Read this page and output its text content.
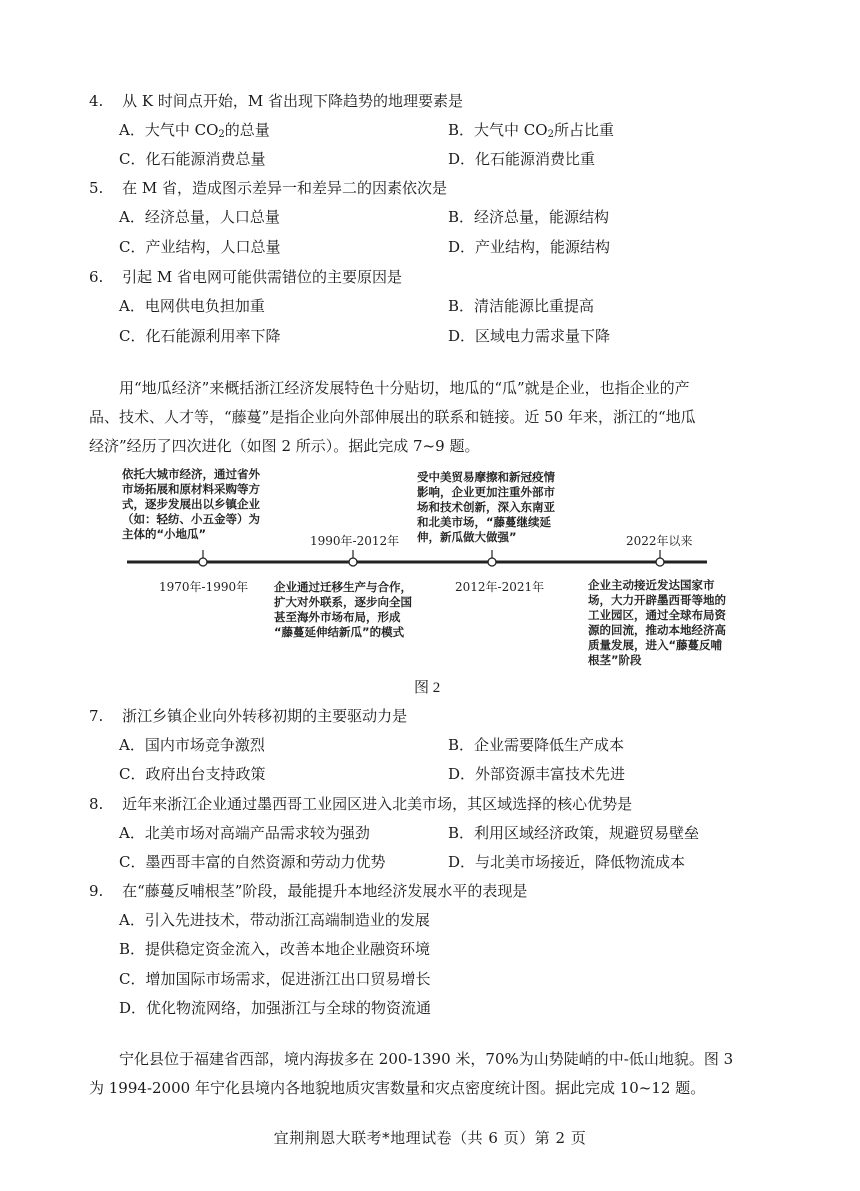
4. 从 K 时间点开始，M 省出现下降趋势的地理要素是
A．大气中 $CO_2$的总量	B．大气中 $CO_2$所占比重
C．化石能源消费总量	D．化石能源消费比重
5. 在 M 省，造成图示差异一和差异二的因素依次是
A．经济总量，人口总量	B．经济总量，能源结构
C．产业结构，人口总量	D．产业结构，能源结构
6. 引起 M 省电网可能供需错位的主要原因是
A．电网供电负担加重	B．清洁能源比重提高
C．化石能源利用率下降	D．区域电力需求量下降

用“地瓜经济”来概括浙江经济发展特色十分贴切，地瓜的“瓜”就是企业，也指企业的产

品、技术、人才等，“藤蔓”是指企业向外部伸展出的联系和链接。近 50 年来，浙江的“地瓜

经济”经历了四次进化（如图 2 所示）。据此完成 7~9 题。

依托大城市经济，通过省外
市场拓展和原材料采购等方
式，逐步发展出以乡镇企业
（如：轻纺、小五金等）为
主体的“小地瓜”
1970年-1990年
1990年-2012年
企业通过迁移生产与合作，
扩大对外联系，逐步向全国
甚至海外市场布局，形成
“藤蔓延伸结新瓜”的模式
受中美贸易摩擦和新冠疫情
影响，企业更加注重外部市
场和技术创新，深入东南亚
和北美市场，“藤蔓继续延
伸，新瓜做大做强”
2012年-2021年
2022年以来
企业主动接近发达国家市
场，大力开辟墨西哥等地的
工业园区，通过全球布局资
源的回流，推动本地经济高
质量发展，进入“藤蔓反哺
根茎”阶段
图 2
7. 浙江乡镇企业向外转移初期的主要驱动力是
A．国内市场竞争激烈	B．企业需要降低生产成本
C．政府出台支持政策	D．外部资源丰富技术先进
8. 近年来浙江企业通过墨西哥工业园区进入北美市场，其区域选择的核心优势是
A．北美市场对高端产品需求较为强劲	B．利用区域经济政策，规避贸易壁垒
C．墨西哥丰富的自然资源和劳动力优势	D．与北美市场接近，降低物流成本
9. 在“藤蔓反哺根茎”阶段，最能提升本地经济发展水平的表现是
A．引入先进技术，带动浙江高端制造业的发展
B．提供稳定资金流入，改善本地企业融资环境
C．增加国际市场需求，促进浙江出口贸易增长
D．优化物流网络，加强浙江与全球的物资流通

宁化县位于福建省西部，境内海拔多在 200-1390 米，70%为山势陡峭的中-低山地貌。图 3

为 1994-2000 年宁化县境内各地貌地质灾害数量和灾点密度统计图。据此完成 10~12 题。

宜荆荆恩大联考*地理试卷（共 6 页）第 2 页
